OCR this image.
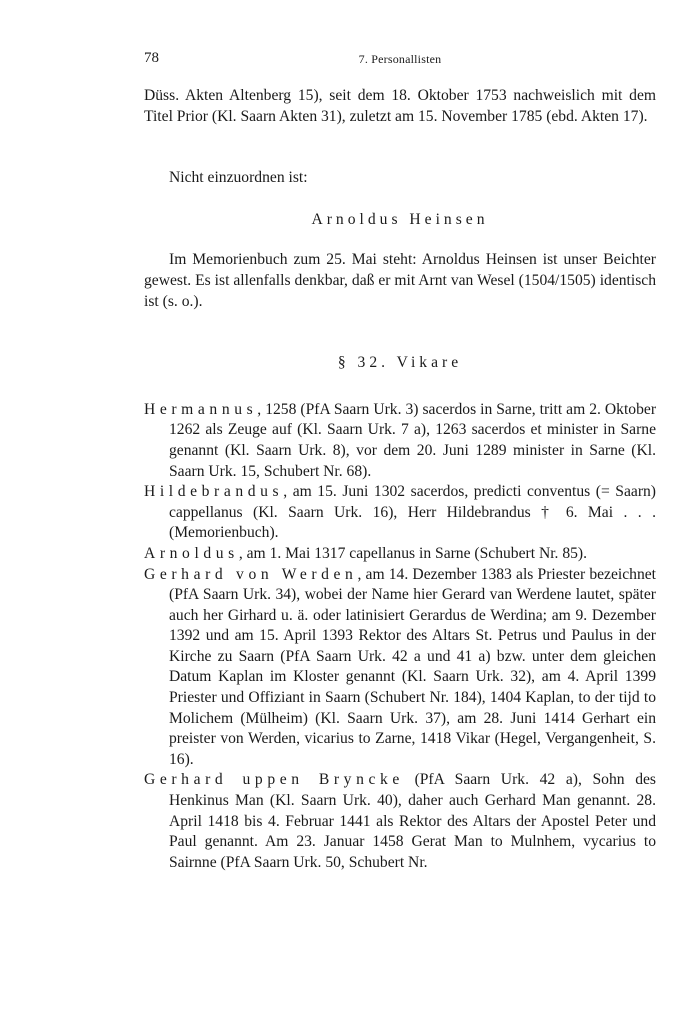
78	7. Personallisten

Düss. Akten Altenberg 15), seit dem 18. Oktober 1753 nachweislich mit dem Titel Prior (Kl. Saarn Akten 31), zuletzt am 15. November 1785 (ebd. Akten 17).

Nicht einzuordnen ist:

Arnoldus Heinsen

Im Memorienbuch zum 25. Mai steht: Arnoldus Heinsen ist unser Beichter gewest. Es ist allenfalls denkbar, daß er mit Arnt van Wesel (1504/1505) identisch ist (s. o.).

§ 32. Vikare

Hermannus, 1258 (PfA Saarn Urk. 3) sacerdos in Sarne, tritt am 2. Oktober 1262 als Zeuge auf (Kl. Saarn Urk. 7 a), 1263 sacerdos et minister in Sarne genannt (Kl. Saarn Urk. 8), vor dem 20. Juni 1289 minister in Sarne (Kl. Saarn Urk. 15, Schubert Nr. 68).

Hildebrandus, am 15. Juni 1302 sacerdos, predicti conventus (= Saarn) cappellanus (Kl. Saarn Urk. 16), Herr Hildebrandus † 6. Mai . . . (Memorienbuch).

Arnoldus, am 1. Mai 1317 capellanus in Sarne (Schubert Nr. 85).

Gerhard von Werden, am 14. Dezember 1383 als Priester bezeichnet (PfA Saarn Urk. 34), wobei der Name hier Gerard van Werdene lautet, später auch her Girhard u. ä. oder latinisiert Gerardus de Werdina; am 9. Dezember 1392 und am 15. April 1393 Rektor des Altars St. Petrus und Paulus in der Kirche zu Saarn (PfA Saarn Urk. 42 a und 41 a) bzw. unter dem gleichen Datum Kaplan im Kloster genannt (Kl. Saarn Urk. 32), am 4. April 1399 Priester und Offiziant in Saarn (Schubert Nr. 184), 1404 Kaplan, to der tijd to Molichem (Mülheim) (Kl. Saarn Urk. 37), am 28. Juni 1414 Gerhart ein preister von Werden, vicarius to Zarne, 1418 Vikar (Hegel, Vergangenheit, S. 16).

Gerhard uppen Bryncke (PfA Saarn Urk. 42 a), Sohn des Henkinus Man (Kl. Saarn Urk. 40), daher auch Gerhard Man genannt. 28. April 1418 bis 4. Februar 1441 als Rektor des Altars der Apostel Peter und Paul genannt. Am 23. Januar 1458 Gerat Man to Mulnhem, vycarius to Sairnne (PfA Saarn Urk. 50, Schubert Nr.
